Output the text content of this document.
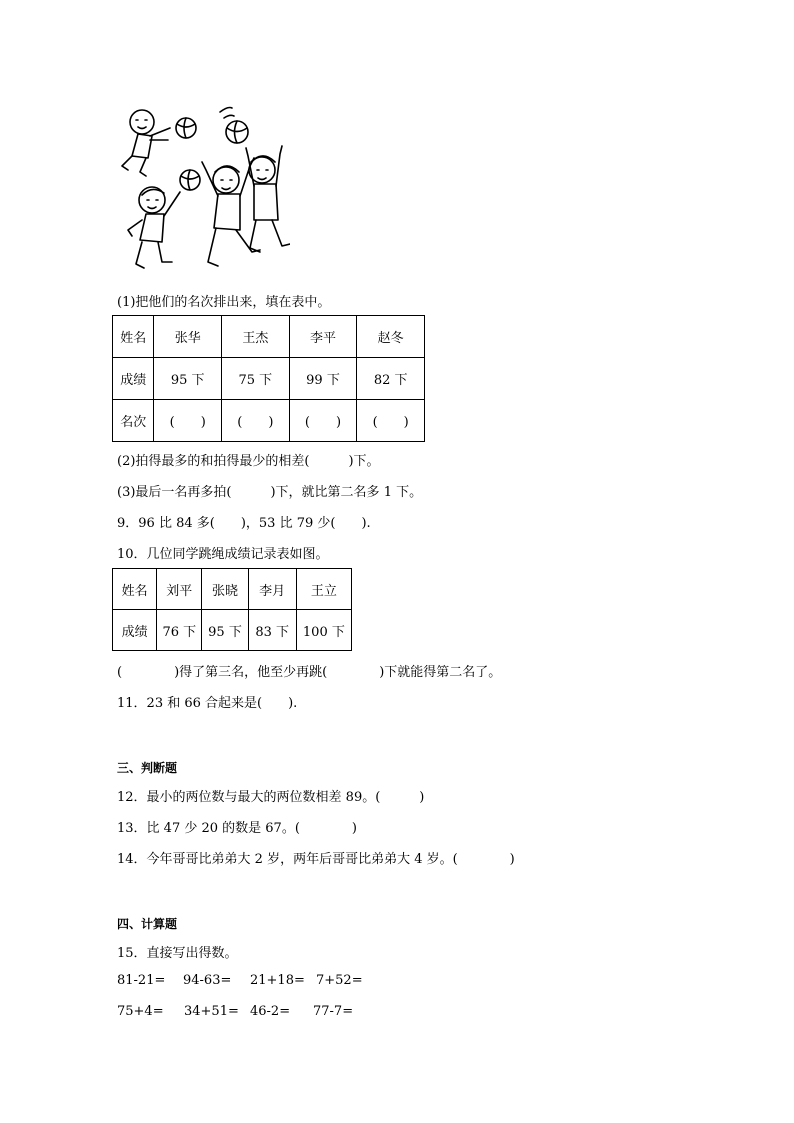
(1)把他们的名次排出来，填在表中。
姓名	张华	王杰	李平	赵冬
成绩	95 下	75 下	99 下	82 下
名次	(　　)	(　　)	(　　)	(　　)
(2)拍得最多的和拍得最少的相差(　　　)下。
(3)最后一名再多拍(　　　)下，就比第二名多 1 下。
9．96 比 84 多(　　)，53 比 79 少(　　).
10．几位同学跳绳成绩记录表如图。
姓名	刘平	张晓	李月	王立
成绩	76 下	95 下	83 下	100 下
(　　　　)得了第三名，他至少再跳(　　　　)下就能得第二名了。
11．23 和 66 合起来是(　　).
三、判断题
12．最小的两位数与最大的两位数相差 89。(　　　)
13．比 47 少 20 的数是 67。(　　　　)
14．今年哥哥比弟弟大 2 岁，两年后哥哥比弟弟大 4 岁。(　　　　)
四、计算题
15．直接写出得数。
81-21= 94-63= 21+18= 7+52=
75+4= 34+51= 46-2= 77-7=
